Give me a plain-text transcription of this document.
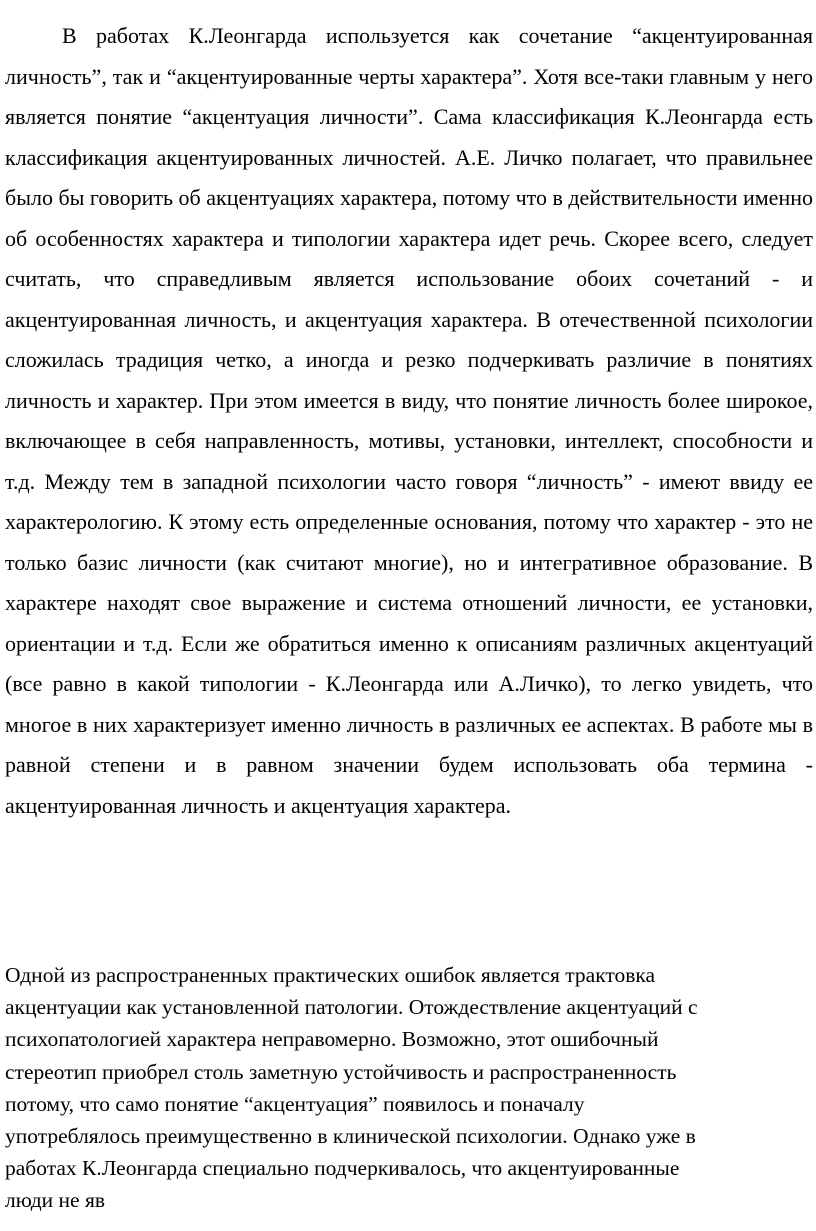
В работах К.Леонгарда используется как сочетание “акцентуированная личность”, так и “акцентуированные черты характера”. Хотя все-таки главным у него является понятие “акцентуация личности”. Сама классификация К.Леонгарда есть классификация акцентуированных личностей. А.Е. Личко полагает, что правильнее было бы говорить об акцентуациях характера, потому что в действительности именно об особенностях характера и типологии характера идет речь. Скорее всего, следует считать, что справедливым является использование обоих сочетаний - и акцентуированная личность, и акцентуация характера. В отечественной психологии сложилась традиция четко, а иногда и резко подчеркивать различие в понятиях личность и характер. При этом имеется в виду, что понятие личность более широкое, включающее в себя направленность, мотивы, установки, интеллект, способности и т.д. Между тем в западной психологии часто говоря “личность” - имеют ввиду ее характерологию. К этому есть определенные основания, потому что характер - это не только базис личности (как считают многие), но и интегративное образование. В характере находят свое выражение и система отношений личности, ее установки, ориентации и т.д. Если же обратиться именно к описаниям различных акцентуаций (все равно в какой типологии - К.Леонгарда или А.Личко), то легко увидеть, что многое в них характеризует именно личность в различных ее аспектах. В работе мы в равной степени и в равном значении будем использовать оба термина - акцентуированная личность и акцентуация характера.

Одной из распространенных практических ошибок является трактовка
акцентуации как установленной патологии. Отождествление акцентуаций с
психопатологией характера неправомерно. Возможно, этот ошибочный
стереотип приобрел столь заметную устойчивость и распространенность
потому, что само понятие “акцентуация” появилось и поначалу
употреблялось преимущественно в клинической психологии. Однако уже в
работах К.Леонгарда специально подчеркивалось, что акцентуированные
люди не яв
